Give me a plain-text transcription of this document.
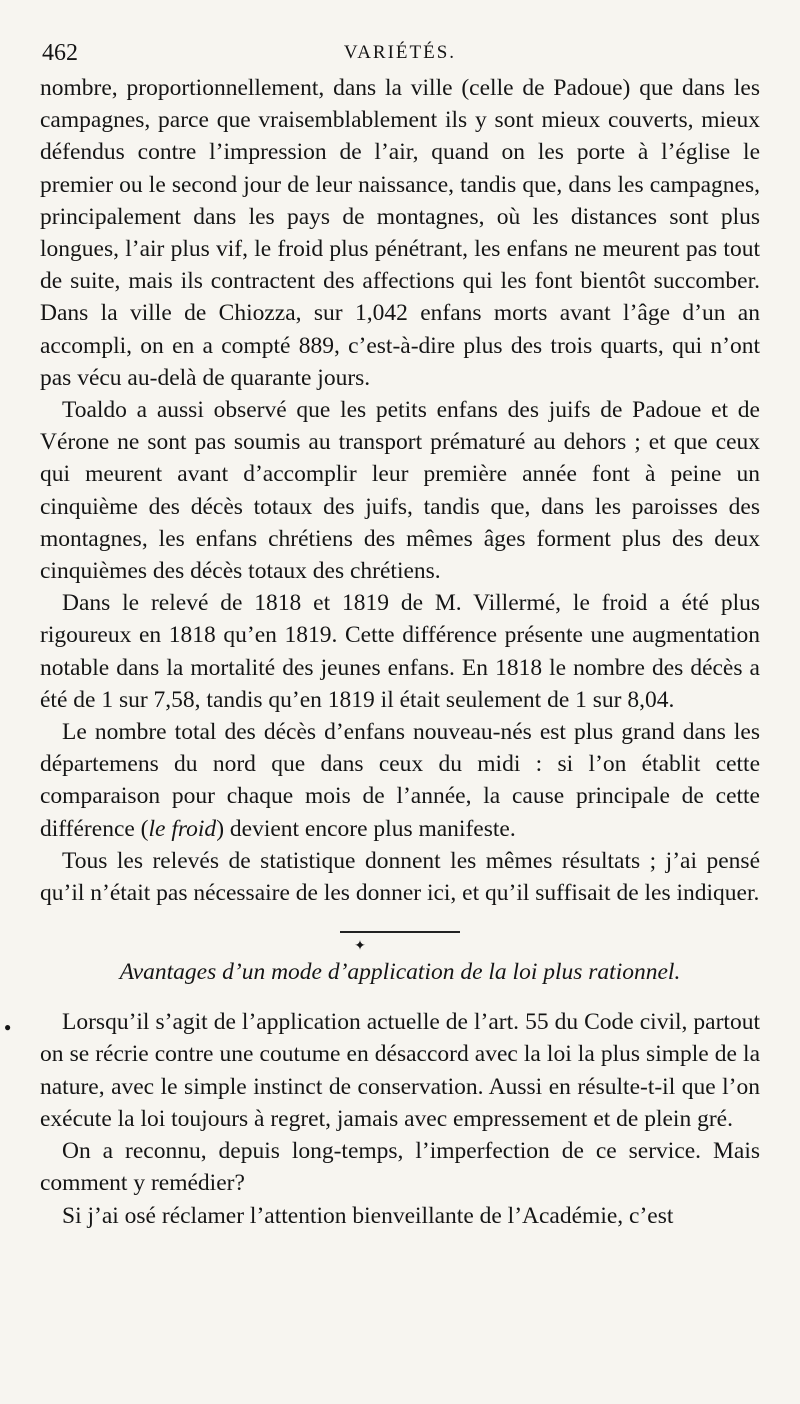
462	VARIÉTÉS.

nombre, proportionnellement, dans la ville (celle de Padoue) que dans les campagnes, parce que vraisemblablement ils y sont mieux couverts, mieux défendus contre l’impression de l’air, quand on les porte à l’église le premier ou le second jour de leur naissance, tandis que, dans les campagnes, principalement dans les pays de montagnes, où les distances sont plus longues, l’air plus vif, le froid plus pénétrant, les enfans ne meurent pas tout de suite, mais ils contractent des affections qui les font bientôt succomber. Dans la ville de Chiozza, sur 1,042 enfans morts avant l’âge d’un an accompli, on en a compté 889, c’est-à-dire plus des trois quarts, qui n’ont pas vécu au-delà de quarante jours.

Toaldo a aussi observé que les petits enfans des juifs de Padoue et de Vérone ne sont pas soumis au transport prématuré au dehors ; et que ceux qui meurent avant d’accomplir leur première année font à peine un cinquième des décès totaux des juifs, tandis que, dans les paroisses des montagnes, les enfans chrétiens des mêmes âges forment plus des deux cinquièmes des décès totaux des chrétiens.

Dans le relevé de 1818 et 1819 de M. Villermé, le froid a été plus rigoureux en 1818 qu’en 1819. Cette différence présente une augmentation notable dans la mortalité des jeunes enfans. En 1818 le nombre des décès a été de 1 sur 7,58, tandis qu’en 1819 il était seulement de 1 sur 8,04.

Le nombre total des décès d’enfans nouveau-nés est plus grand dans les départemens du nord que dans ceux du midi : si l’on établit cette comparaison pour chaque mois de l’année, la cause principale de cette différence (le froid) devient encore plus manifeste.

Tous les relevés de statistique donnent les mêmes résultats ; j’ai pensé qu’il n’était pas nécessaire de les donner ici, et qu’il suffisait de les indiquer.

✦
Avantages d’un mode d’application de la loi plus rationnel.

Lorsqu’il s’agit de l’application actuelle de l’art. 55 du Code civil, partout on se récrie contre une coutume en désaccord avec la loi la plus simple de la nature, avec le simple instinct de conservation. Aussi en résulte-t-il que l’on exécute la loi toujours à regret, jamais avec empressement et de plein gré.

On a reconnu, depuis long-temps, l’imperfection de ce service. Mais comment y remédier?

Si j’ai osé réclamer l’attention bienveillante de l’Académie, c’est

●
